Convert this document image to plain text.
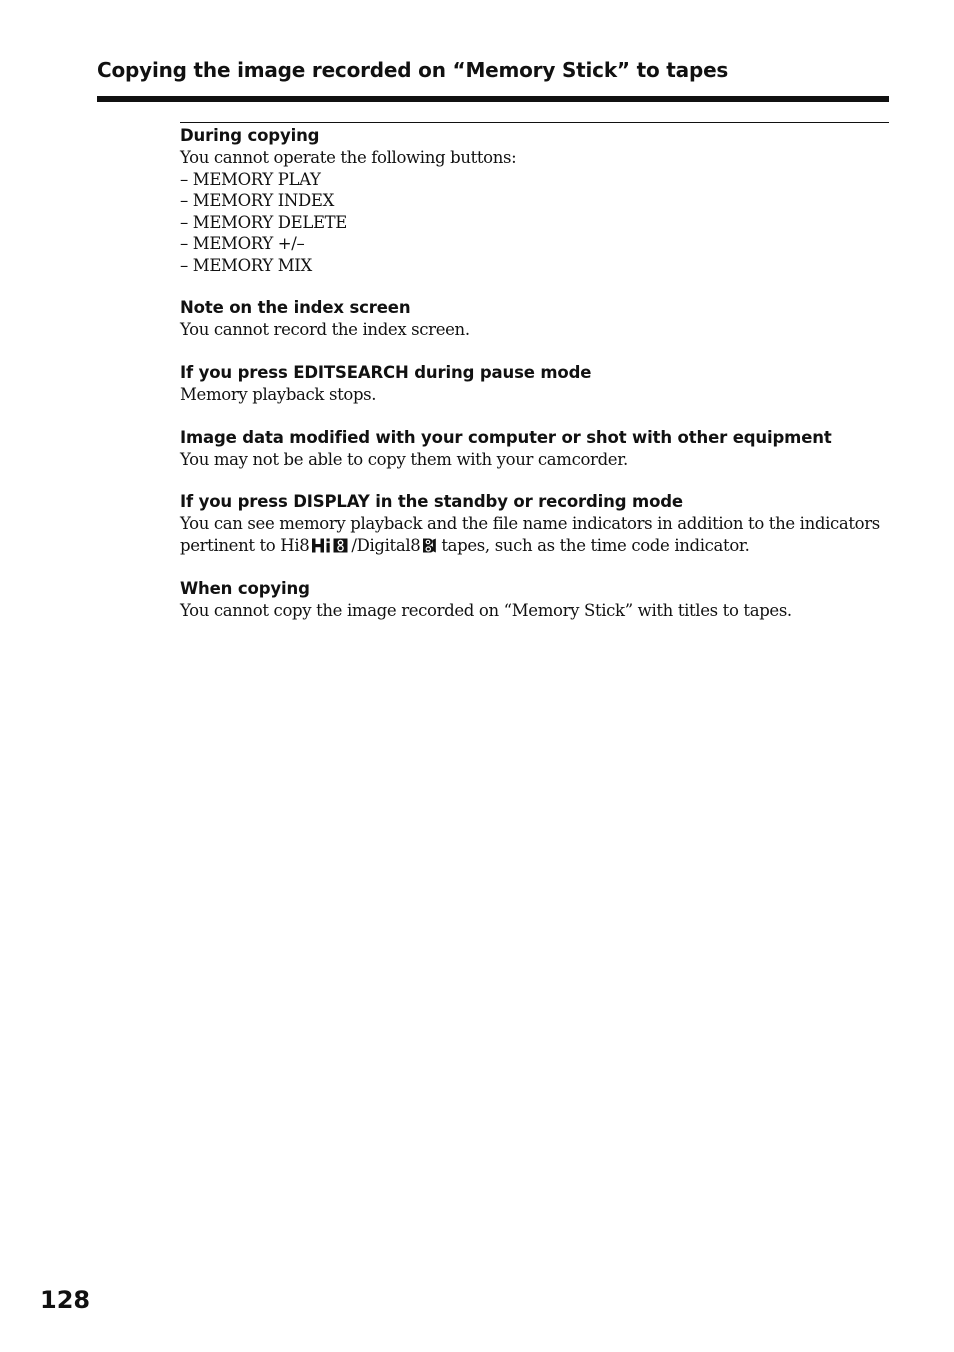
Copying the image recorded on “Memory Stick” to tapes
During copying
You cannot operate the following buttons:
– MEMORY PLAY
– MEMORY INDEX
– MEMORY DELETE
– MEMORY +/–
– MEMORY MIX
Note on the index screen
You cannot record the index screen.
If you press EDITSEARCH during pause mode
Memory playback stops.
Image data modified with your computer or shot with other equipment
You may not be able to copy them with your camcorder.
If you press DISPLAY in the standby or recording mode
You can see memory playback and the file name indicators in addition to the indicators pertinent to Hi8	/Digital8 tapes, such as the time code indicator.
When copying
You cannot copy the image recorded on “Memory Stick” with titles to tapes.
128
